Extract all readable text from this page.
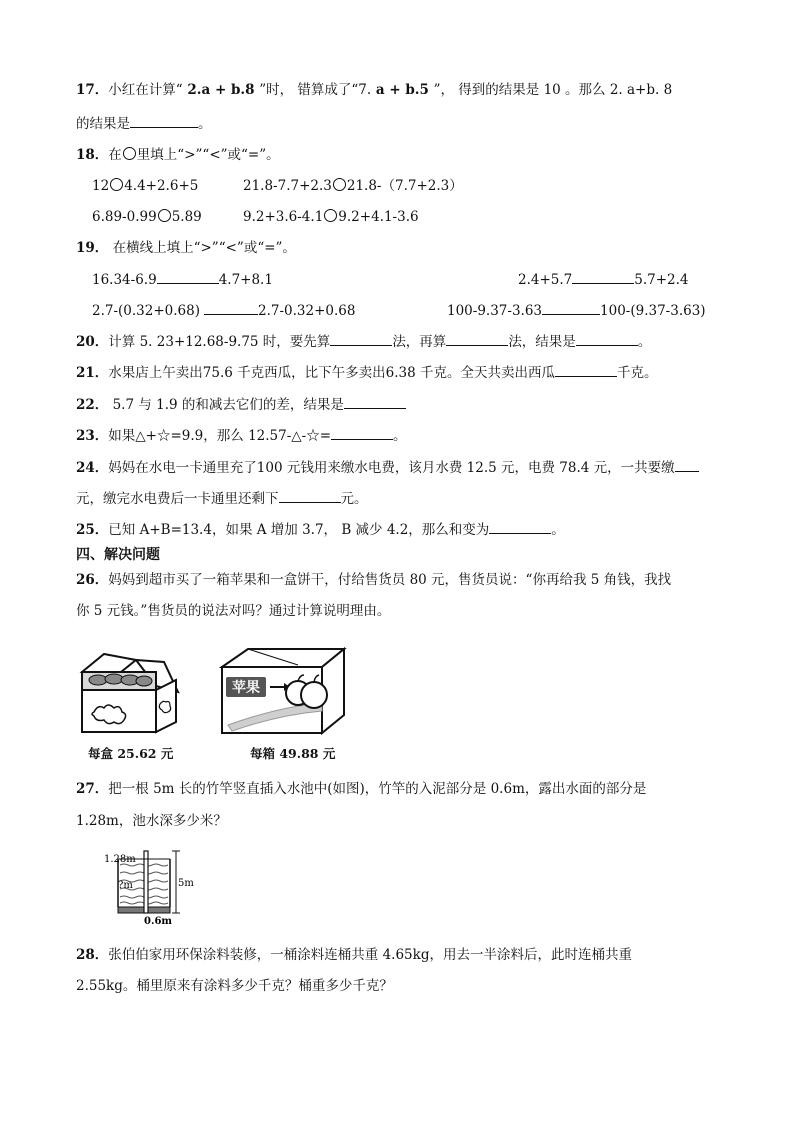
17．小红在计算“ 2.a + b.8 ”时， 错算成了“7. a + b.5 ”， 得到的结果是 10 。那么 2. a+b. 8
的结果是	。
18．在 里填上“>”“<”或“=”。
12 4.4+2.6+5	21.8-7.7+2.3 21.8-（7.7+2.3）
6.89-0.99 5.89	9.2+3.6-4.1 9.2+4.1-3.6
19． 在横线上填上“>”“<”或“=”。
16.34-6.9	4.7+8.1	2.4+5.7	5.7+2.4
2.7-(0.32+0.68)	2.7-0.32+0.68	100-9.37-3.63	100-(9.37-3.63)
20．计算 5. 23+12.68-9.75 时，要先算	法，再算	法，结果是	。
21．水果店上午卖出75.6 千克西瓜，比下午多卖出6.38 千克。全天共卖出西瓜	千克。
22． 5.7 与 1.9 的和减去它们的差，结果是
23．如果△+☆=9.9，那么 12.57-△-☆=	。
24．妈妈在水电一卡通里充了100 元钱用来缴水电费，该月水费 12.5 元，电费 78.4 元，一共要缴
元，缴完水电费后一卡通里还剩下	元。
25．已知 A+B=13.4，如果 A 增加 3.7， B 减少 4.2，那么和变为	。
四、解决问题
26．妈妈到超市买了一箱苹果和一盒饼干，付给售货员 80 元，售货员说：“你再给我 5 角钱，我找
你 5 元钱。”售货员的说法对吗？通过计算说明理由。
每盒 25.62 元
苹果
每箱 49.88 元
27．把一根 5m 长的竹竿竖直插入水池中(如图)，竹竿的入泥部分是 0.6m，露出水面的部分是
1.28m，池水深多少米？
5m
1.28m
?m
0.6m
28．张伯伯家用环保涂料装修，一桶涂料连桶共重 4.65kg，用去一半涂料后，此时连桶共重
2.55kg。桶里原来有涂料多少千克？桶重多少千克？
